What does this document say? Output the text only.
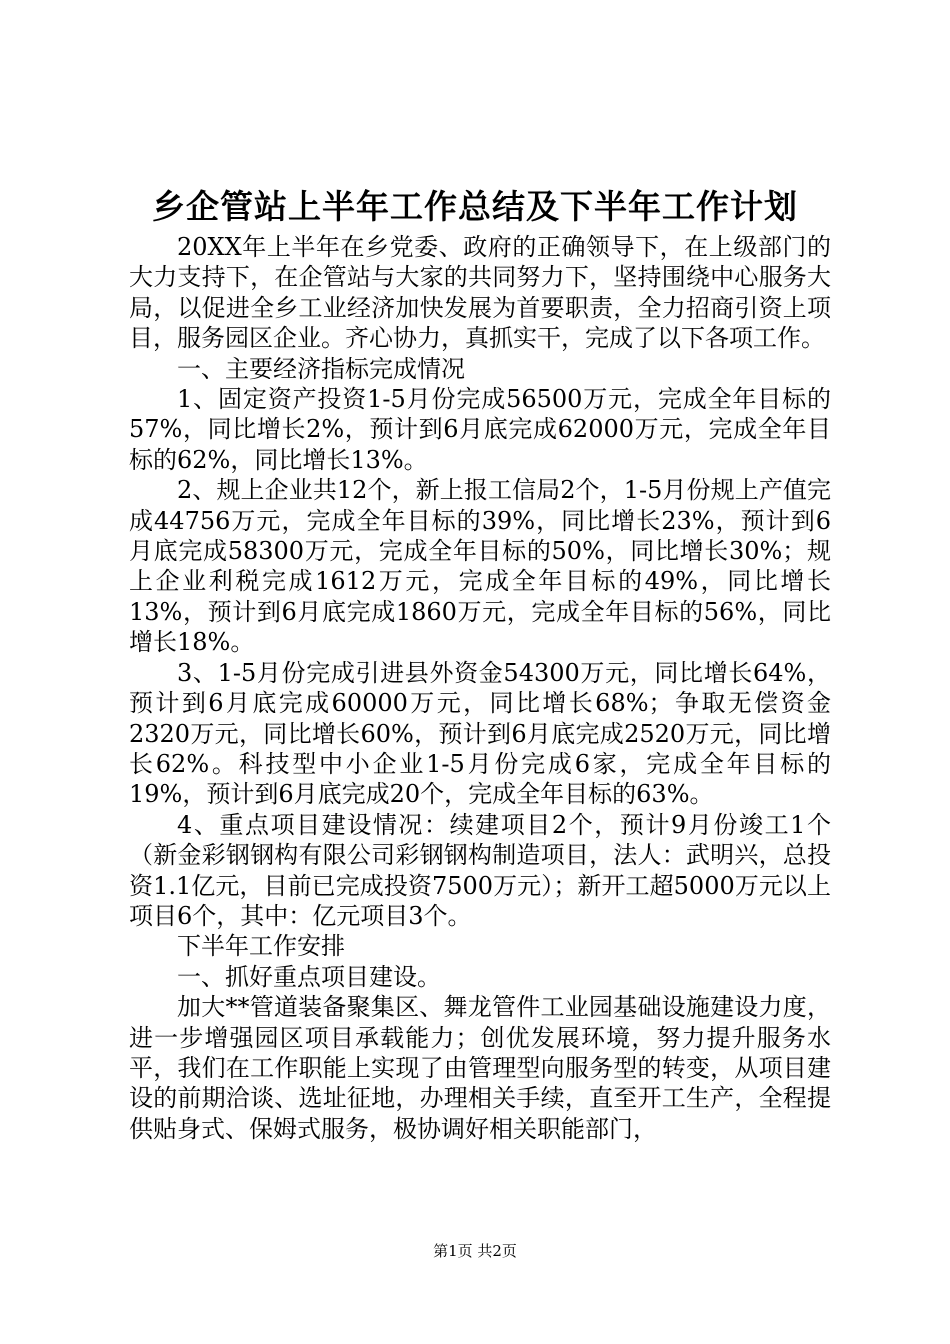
乡企管站上半年工作总结及下半年工作计划

20XX年上半年在乡党委、政府的正确领导下，在上级部门的大力支持下，在企管站与大家的共同努力下，坚持围绕中心服务大局，以促进全乡工业经济加快发展为首要职责，全力招商引资上项目，服务园区企业。齐心协力，真抓实干，完成了以下各项工作。

一、主要经济指标完成情况

1、固定资产投资1-5月份完成56500万元，完成全年目标的57%，同比增长2%，预计到6月底完成62000万元，完成全年目标的62%，同比增长13%。

2、规上企业共12个，新上报工信局2个，1-5月份规上产值完成44756万元，完成全年目标的39%，同比增长23%，预计到6月底完成58300万元，完成全年目标的50%，同比增长30%；规上企业利税完成1612万元，完成全年目标的49%，同比增长13%，预计到6月底完成1860万元，完成全年目标的56%，同比增长18%。

3、1-5月份完成引进县外资金54300万元，同比增长64%，预计到6月底完成60000万元，同比增长68%；争取无偿资金2320万元，同比增长60%，预计到6月底完成2520万元，同比增长62%。科技型中小企业1-5月份完成6家，完成全年目标的19%，预计到6月底完成20个，完成全年目标的63%。

4、重点项目建设情况：续建项目2个，预计9月份竣工1个（新金彩钢钢构有限公司彩钢钢构制造项目，法人：武明兴，总投资1.1亿元，目前已完成投资7500万元）；新开工超5000万元以上项目6个，其中：亿元项目3个。

下半年工作安排

一、抓好重点项目建设。

加大**管道装备聚集区、舞龙管件工业园基础设施建设力度，进一步增强园区项目承载能力；创优发展环境，努力提升服务水平，我们在工作职能上实现了由管理型向服务型的转变，从项目建设的前期洽谈、选址征地，办理相关手续，直至开工生产，全程提供贴身式、保姆式服务，极协调好相关职能部门，

第1页 共2页
